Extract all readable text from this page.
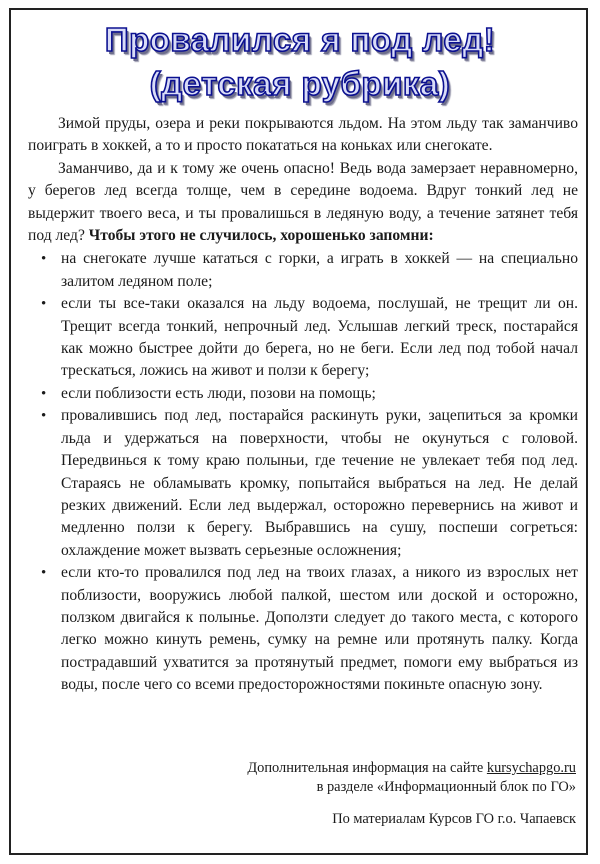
Провалился я под лед!
(детская рубрика)

Зимой пруды, озера и реки покрываются льдом. На этом льду так заманчиво поиграть в хоккей, а то и просто покататься на коньках или снегокате.

Заманчиво, да и к тому же очень опасно! Ведь вода замерзает неравномерно, у берегов лед всегда толще, чем в середине водоема. Вдруг тонкий лед не выдержит твоего веса, и ты провалишься в ледяную воду, а течение затянет тебя под лед? Чтобы этого не случилось, хорошенько запомни:

• на снегокате лучше кататься с горки, а играть в хоккей — на специально залитом ледяном поле;
• если ты все-таки оказался на льду водоема, послушай, не трещит ли он. Трещит всегда тонкий, непрочный лед. Услышав легкий треск, постарайся как можно быстрее дойти до берега, но не беги. Если лед под тобой начал трескаться, ложись на живот и ползи к берегу;
• если поблизости есть люди, позови на помощь;
• провалившись под лед, постарайся раскинуть руки, зацепиться за кромки льда и удержаться на поверхности, чтобы не окунуться с головой. Передвинься к тому краю полыньи, где течение не увлекает тебя под лед. Стараясь не обламывать кромку, попытайся выбраться на лед. Не делай резких движений. Если лед выдержал, осторожно перевернись на живот и медленно ползи к берегу. Выбравшись на сушу, поспеши согреться: охлаждение может вызвать серьезные осложнения;
• если кто-то провалился под лед на твоих глазах, а никого из взрослых нет поблизости, вооружись любой палкой, шестом или доской и осторожно, ползком двигайся к полынье. Доползти следует до такого места, с которого легко можно кинуть ремень, сумку на ремне или протянуть палку. Когда пострадавший ухватится за протянутый предмет, помоги ему выбраться из воды, после чего со всеми предосторожностями покиньте опасную зону.
Дополнительная информация на сайте kursychapgo.ru
в разделе «Информационный блок по ГО»
По материалам Курсов ГО г.о. Чапаевск
